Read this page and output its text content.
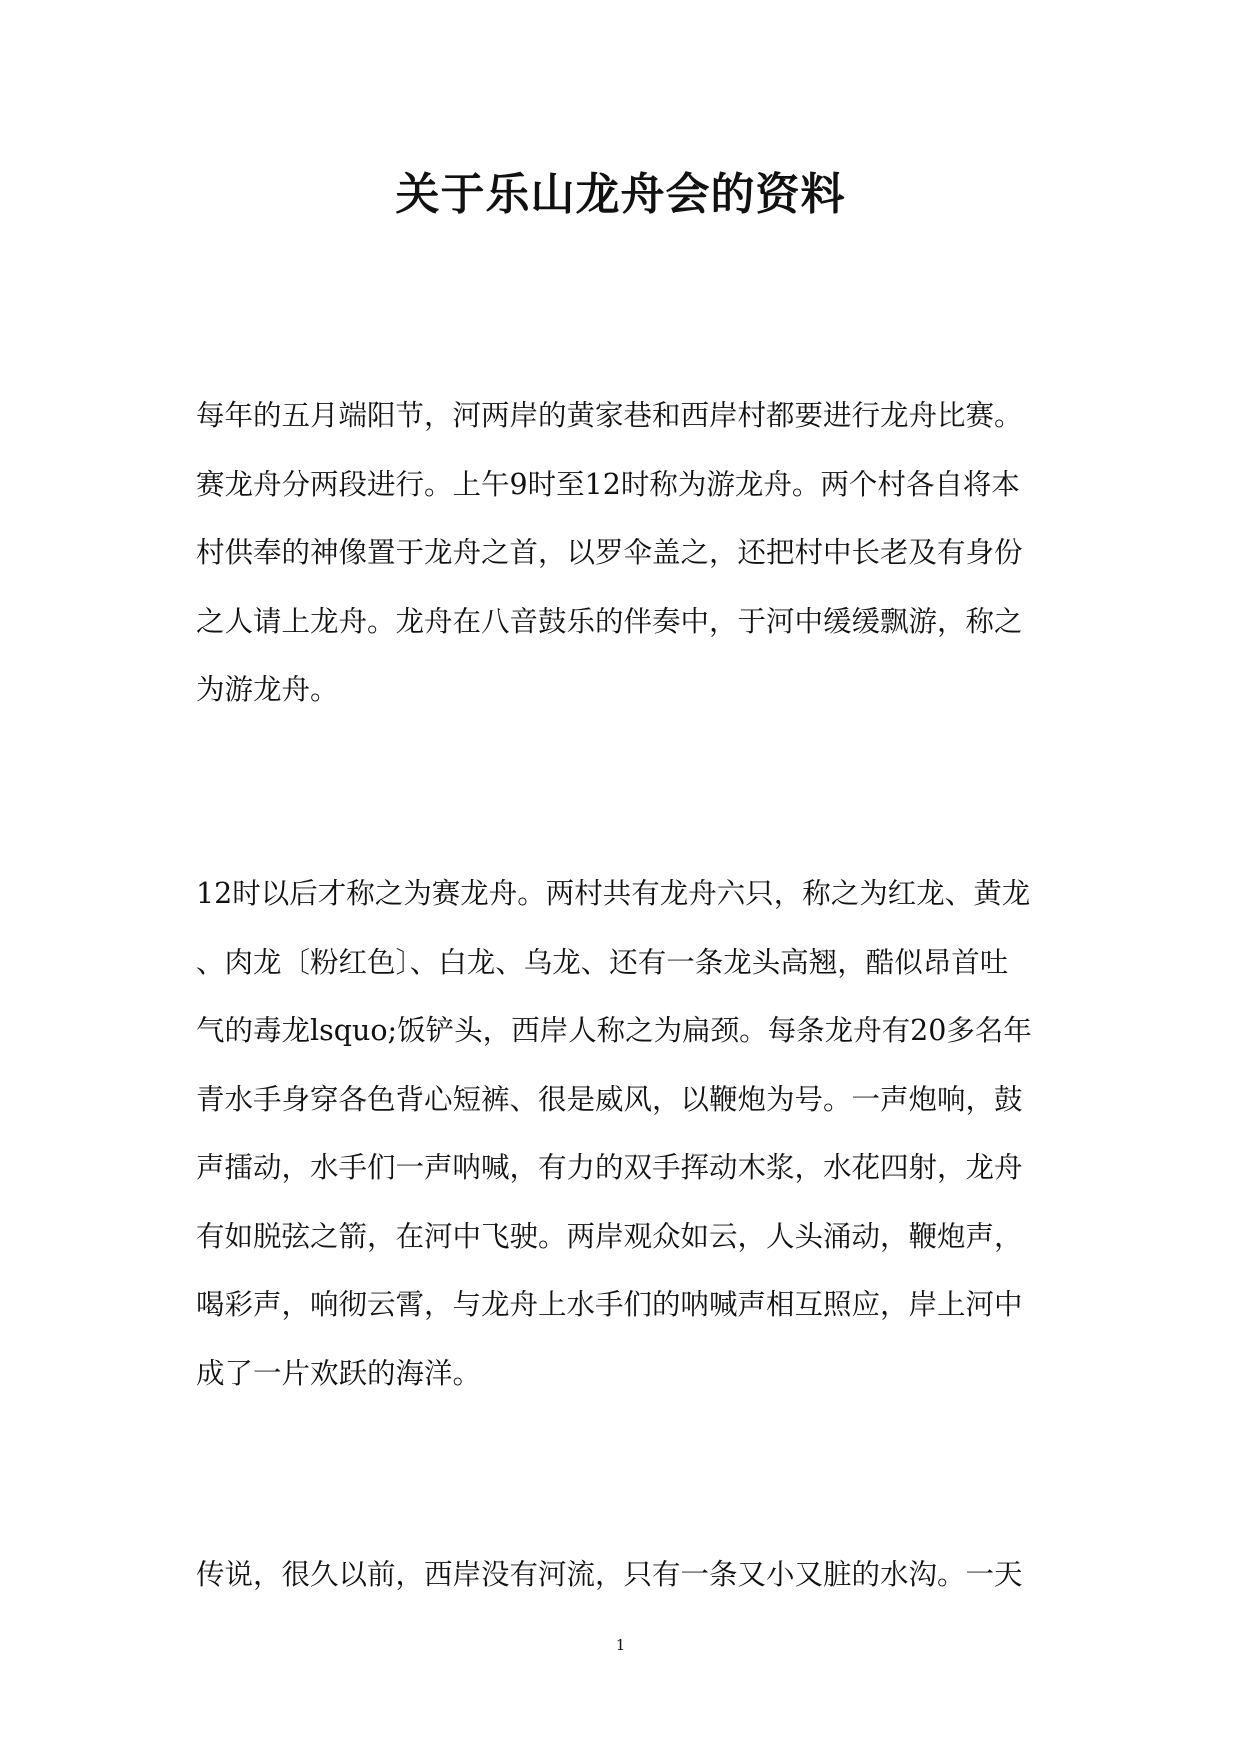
关于乐山龙舟会的资料

每年的五月端阳节，河两岸的黄家巷和西岸村都要进行龙舟比赛。
赛龙舟分两段进行。上午9时至12时称为游龙舟。两个村各自将本
村供奉的神像置于龙舟之首，以罗伞盖之，还把村中长老及有身份
之人请上龙舟。龙舟在八音鼓乐的伴奏中，于河中缓缓飘游，称之
为游龙舟。

12时以后才称之为赛龙舟。两村共有龙舟六只，称之为红龙、黄龙
、肉龙〔粉红色〕、白龙、乌龙、还有一条龙头高翘，酷似昂首吐
气的毒龙lsquo;饭铲头，西岸人称之为扁颈。每条龙舟有20多名年
青水手身穿各色背心短裤、很是威风，以鞭炮为号。一声炮响，鼓
声擂动，水手们一声呐喊，有力的双手挥动木浆，水花四射，龙舟
有如脱弦之箭，在河中飞驶。两岸观众如云，人头涌动，鞭炮声，
喝彩声，响彻云霄，与龙舟上水手们的呐喊声相互照应，岸上河中
成了一片欢跃的海洋。

传说，很久以前，西岸没有河流，只有一条又小又脏的水沟。一天

1
